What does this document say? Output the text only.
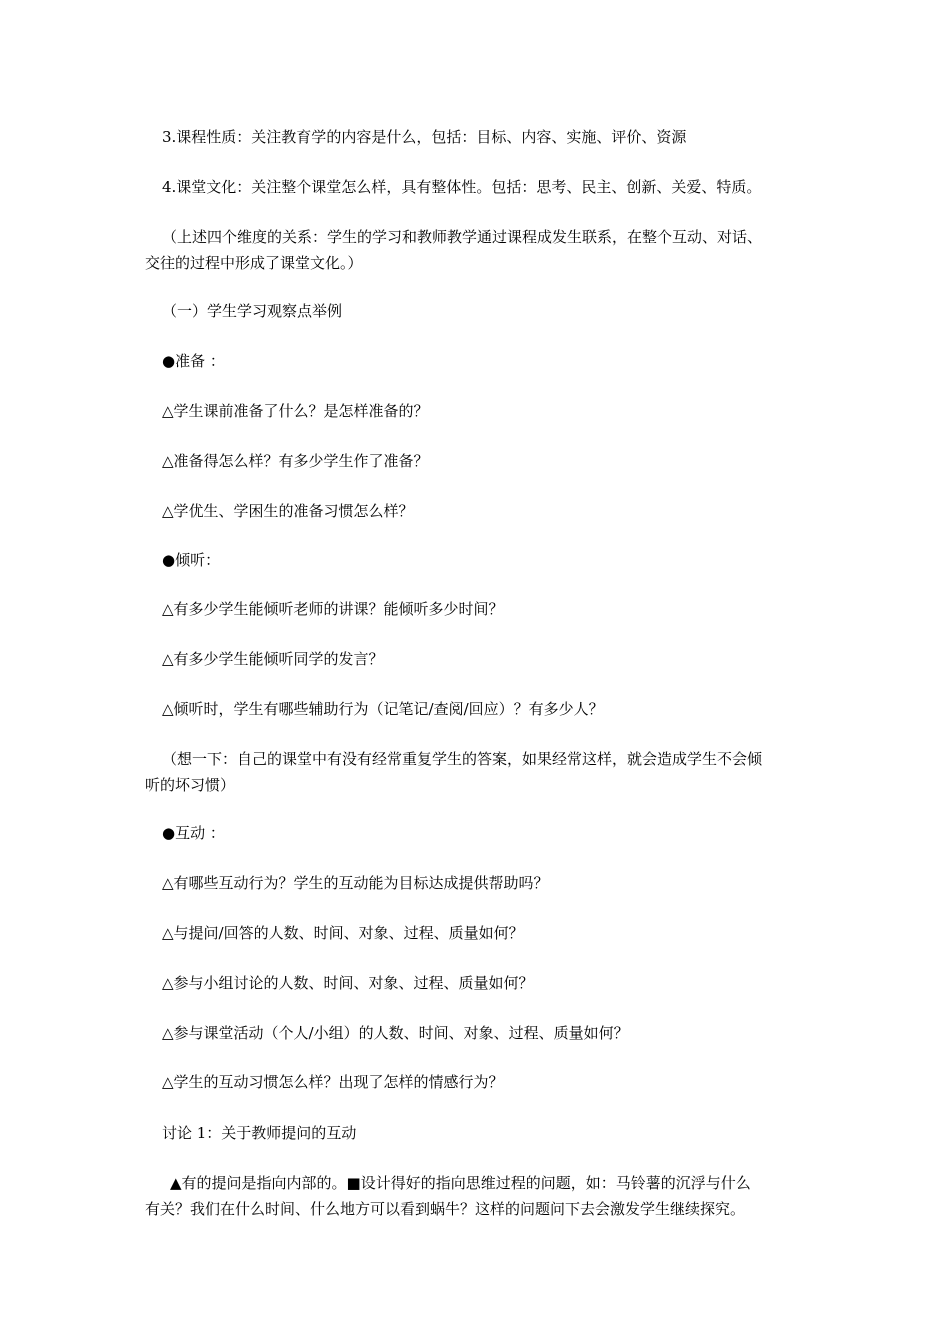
3.课程性质：关注教育学的内容是什么，包括：目标、内容、实施、评价、资源
4.课堂文化：关注整个课堂怎么样，具有整体性。包括：思考、民主、创新、关爱、特质。
（上述四个维度的关系：学生的学习和教师教学通过课程成发生联系，在整个互动、对话、
交往的过程中形成了课堂文化。）
（一）学生学习观察点举例
●准备 ：
△学生课前准备了什么？是怎样准备的？
△准备得怎么样？有多少学生作了准备？
△学优生、学困生的准备习惯怎么样？
●倾听：
△有多少学生能倾听老师的讲课？能倾听多少时间？
△有多少学生能倾听同学的发言？
△倾听时，学生有哪些辅助行为（记笔记/查阅/回应）？有多少人？
（想一下：自己的课堂中有没有经常重复学生的答案，如果经常这样，就会造成学生不会倾
听的坏习惯）
●互动 ：
△有哪些互动行为？学生的互动能为目标达成提供帮助吗？
△与提问/回答的人数、时间、对象、过程、质量如何？
△参与小组讨论的人数、时间、对象、过程、质量如何？
△参与课堂活动（个人/小组）的人数、时间、对象、过程、质量如何？
△学生的互动习惯怎么样？出现了怎样的情感行为？
讨论 1：关于教师提问的互动
▲有的提问是指向内部的。■设计得好的指向思维过程的问题，如：马铃薯的沉浮与什么
有关？我们在什么时间、什么地方可以看到蜗牛？这样的问题问下去会激发学生继续探究。
